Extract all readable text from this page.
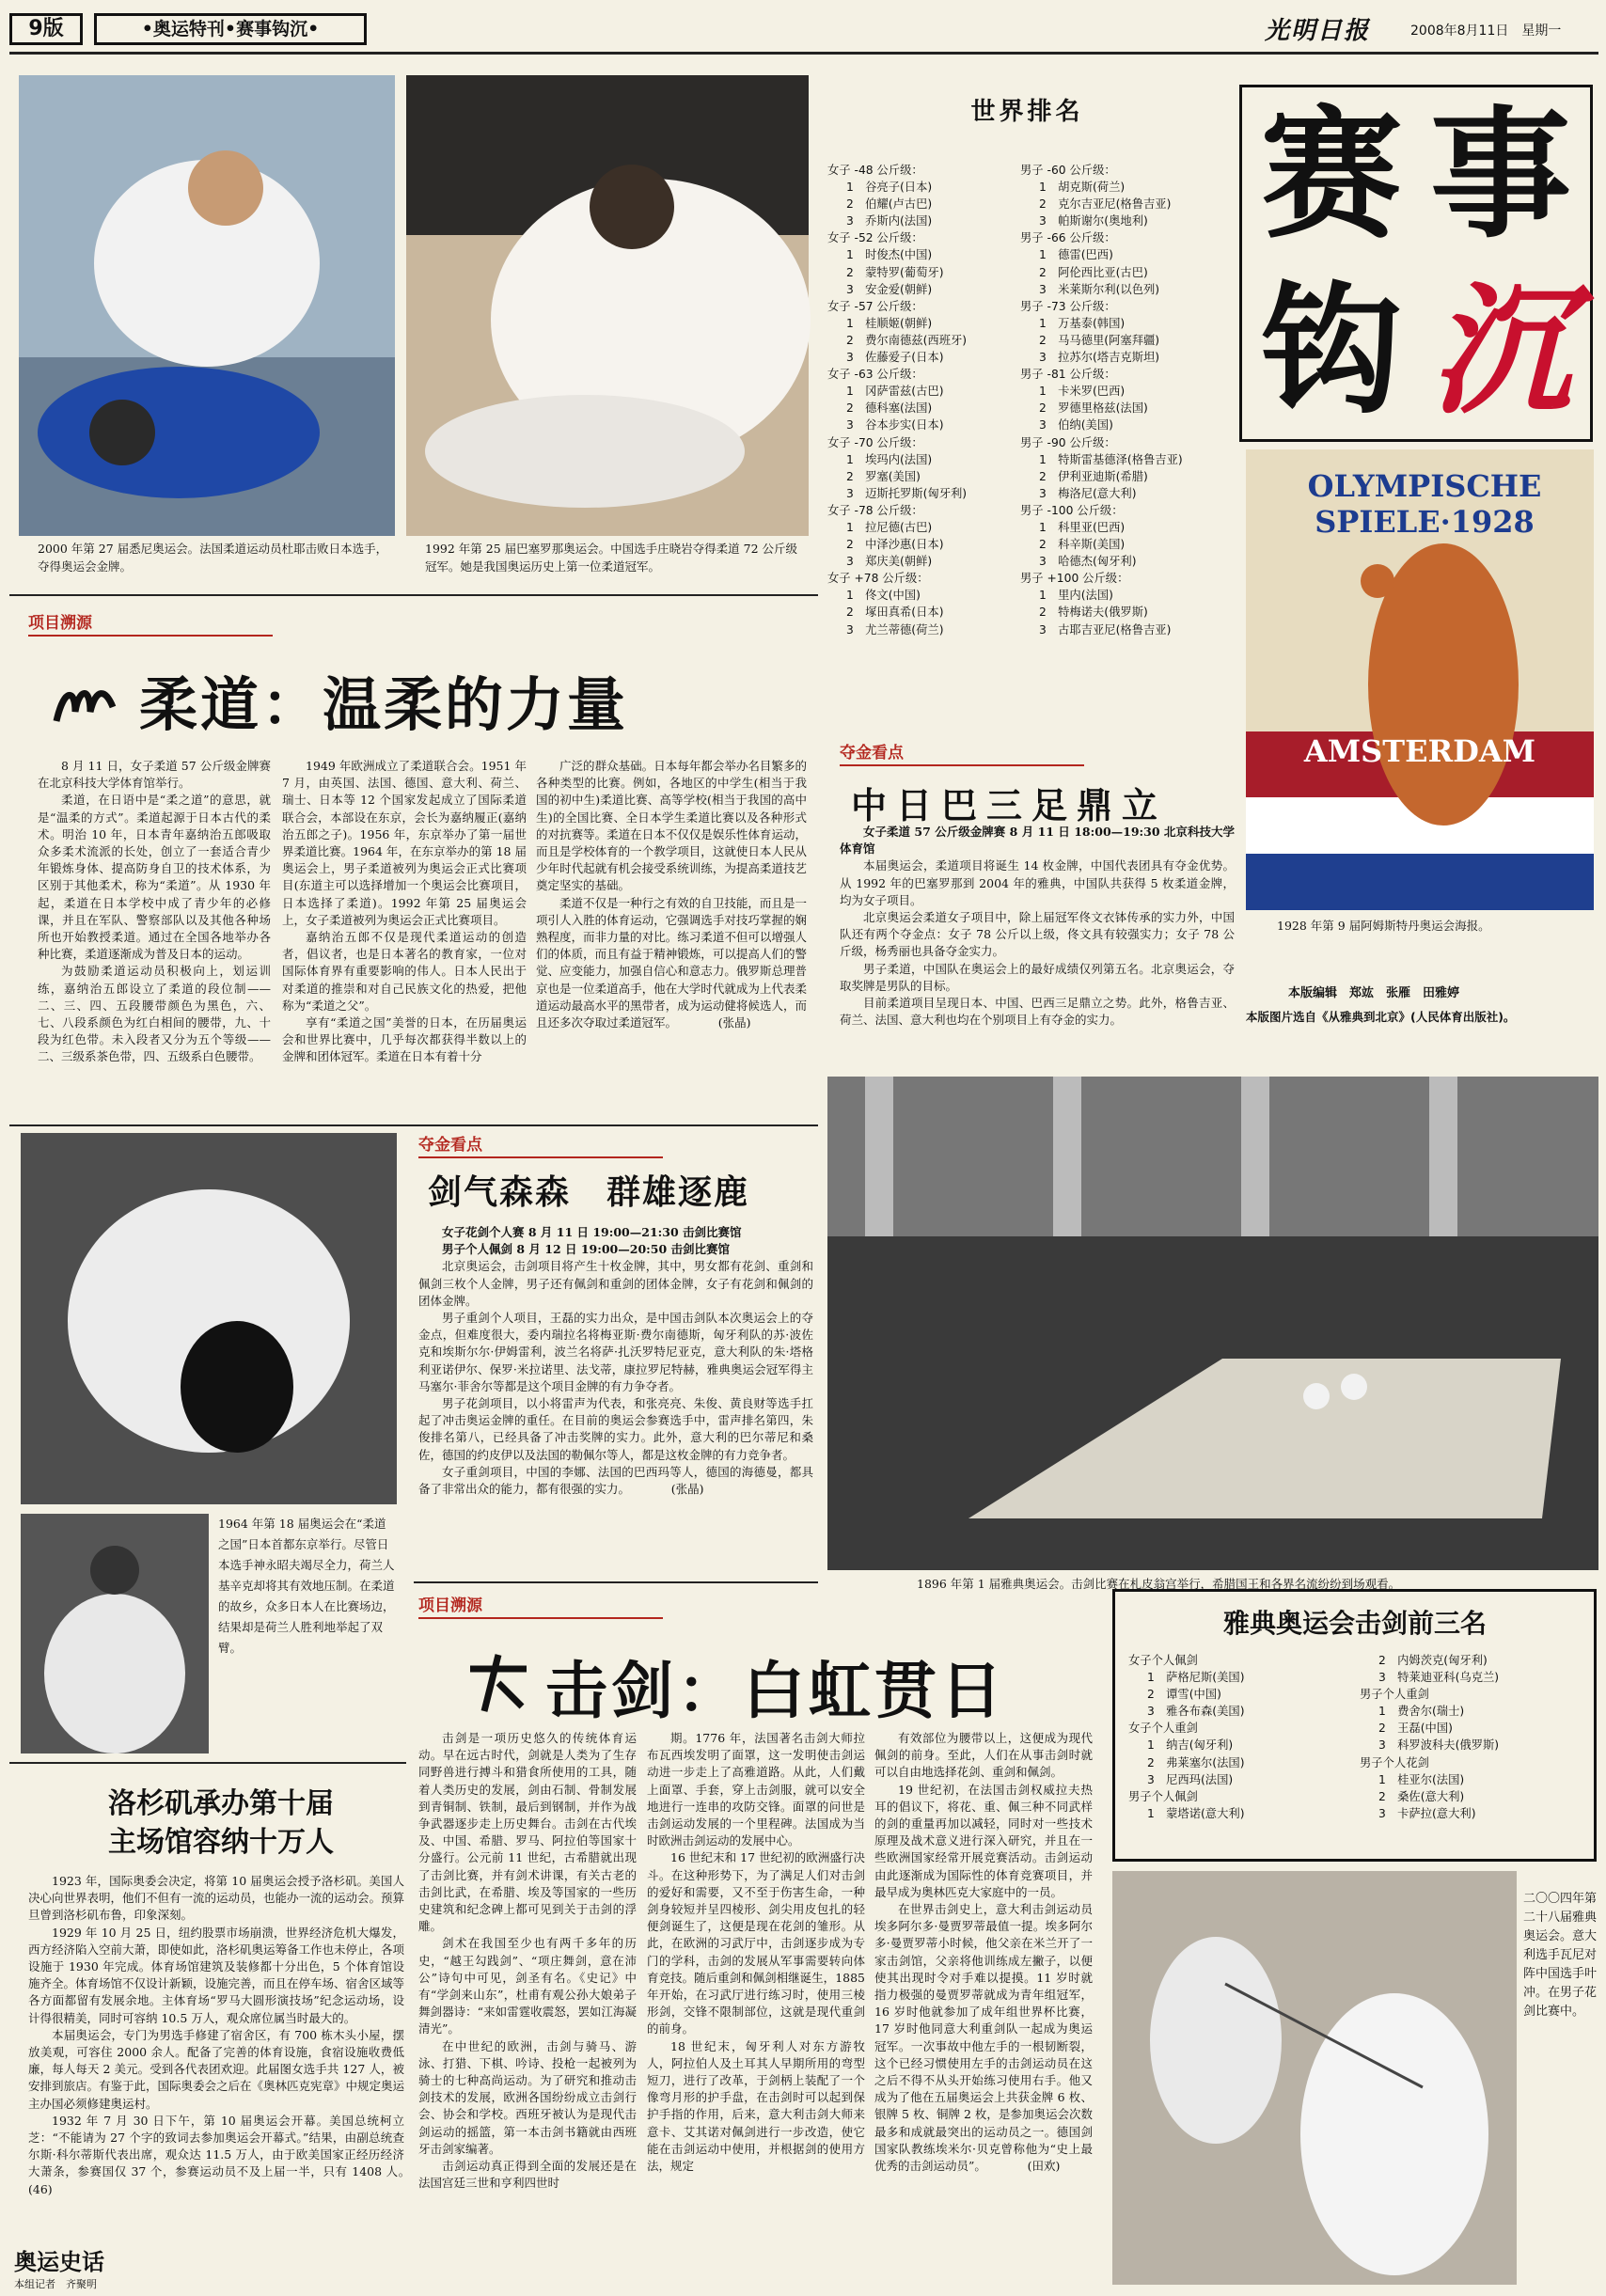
9版	•奥运特刊•赛事钩沉•	光明日报	2008年8月11日　星期一
2000 年第 27 届悉尼奥运会。法国柔道运动员杜耶击败日本选手，夺得奥运会金牌。
1992 年第 25 届巴塞罗那奥运会。中国选手庄晓岩夺得柔道 72 公斤级冠军。她是我国奥运历史上第一位柔道冠军。
世界排名
女子 -48 公斤级：
1　谷亮子(日本)
2　伯耀(卢古巴)
3　乔斯内(法国)
女子 -52 公斤级：
1　时俊杰(中国)
2　蒙特罗(葡萄牙)
3　安金爱(朝鲜)
女子 -57 公斤级：
1　桂顺姬(朝鲜)
2　费尔南德兹(西班牙)
3　佐藤爱子(日本)
女子 -63 公斤级：
1　冈萨雷兹(古巴)
2　德科塞(法国)
3　谷本步实(日本)
女子 -70 公斤级：
1　埃玛内(法国)
2　罗塞(美国)
3　迈斯托罗斯(匈牙利)
女子 -78 公斤级：
1　拉尼德(古巴)
2　中泽沙惠(日本)
3　郑庆美(朝鲜)
女子 +78 公斤级：
1　佟文(中国)
2　塚田真希(日本)
3　尤兰蒂德(荷兰)
男子 -60 公斤级：
1　胡克斯(荷兰)
2　克尔吉亚尼(格鲁吉亚)
3　帕斯谢尔(奥地利)
男子 -66 公斤级：
1　德雷(巴西)
2　阿伦西比亚(古巴)
3　米莱斯尔利(以色列)
男子 -73 公斤级：
1　万基泰(韩国)
2　马马德里(阿塞拜疆)
3　拉苏尔(塔吉克斯坦)
男子 -81 公斤级：
1　卡米罗(巴西)
2　罗德里格兹(法国)
3　伯纳(美国)
男子 -90 公斤级：
1　特斯雷基德泽(格鲁吉亚)
2　伊利亚迪斯(希腊)
3　梅洛尼(意大利)
男子 -100 公斤级：
1　科里亚(巴西)
2　科辛斯(美国)
3　哈德杰(匈牙利)
男子 +100 公斤级：
1　里内(法国)
2　特梅诺夫(俄罗斯)
3　古耶吉亚尼(格鲁吉亚)
赛 事
钩 沉
OLYMPISCHE SPIELE·1928
AMSTERDAM
1928 年第 9 届阿姆斯特丹奥运会海报。
本版编辑　郑竑　张雁　田雅婷
本版图片选自《从雅典到北京》(人民体育出版社)。
项目溯源
柔道：温柔的力量

8 月 11 日，女子柔道 57 公斤级金牌赛在北京科技大学体育馆举行。

柔道，在日语中是“柔之道”的意思，就是“温柔的方式”。柔道起源于日本古代的柔术。明治 10 年，日本青年嘉纳治五郎吸取众多柔术流派的长处，创立了一套适合青少年锻炼身体、提高防身自卫的技术体系，为区别于其他柔术，称为“柔道”。从 1930 年起，柔道在日本学校中成了青少年的必修课，并且在军队、警察部队以及其他各种场所也开始教授柔道。通过在全国各地举办各种比赛，柔道逐渐成为普及日本的运动。

为鼓励柔道运动员积极向上，划运训练，嘉纳治五郎设立了柔道的段位制——二、三、四、五段腰带颜色为黑色，六、七、八段系颜色为红白相间的腰带，九、十段为红色带。未入段者又分为五个等级——二、三级系茶色带，四、五级系白色腰带。

1949 年欧洲成立了柔道联合会。1951 年 7 月，由英国、法国、德国、意大利、荷兰、瑞士、日本等 12 个国家发起成立了国际柔道联合会，本部设在东京，会长为嘉纳履正(嘉纳治五郎之子)。1956 年，东京举办了第一届世界柔道比赛。1964 年，在东京举办的第 18 届奥运会上，男子柔道被列为奥运会正式比赛项目(东道主可以选择增加一个奥运会比赛项目，日本选择了柔道)。1992 年第 25 届奥运会上，女子柔道被列为奥运会正式比赛项目。

嘉纳治五郎不仅是现代柔道运动的创造者，倡议者，也是日本著名的教育家，一位对国际体育界有重要影响的伟人。日本人民出于对柔道的推崇和对自己民族文化的热爱，把他称为“柔道之父”。

享有“柔道之国”美誉的日本，在历届奥运会和世界比赛中，几乎每次都获得半数以上的金牌和团体冠军。柔道在日本有着十分

广泛的群众基础。日本每年都会举办名目繁多的各种类型的比赛。例如，各地区的中学生(相当于我国的初中生)柔道比赛、高等学校(相当于我国的高中生)的全国比赛、全日本学生柔道比赛以及各种形式的对抗赛等。柔道在日本不仅仅是娱乐性体育运动，而且是学校体育的一个教学项目，这就使日本人民从少年时代起就有机会接受系统训练，为提高柔道技艺奠定坚实的基础。

柔道不仅是一种行之有效的自卫技能，而且是一项引人入胜的体育运动，它强调选手对技巧掌握的娴熟程度，而非力量的对比。练习柔道不但可以增强人们的体质，而且有益于精神锻炼，可以提高人们的警觉、应变能力，加强自信心和意志力。俄罗斯总理普京也是一位柔道高手，他在大学时代就成为上代表柔道运动最高水平的黑带者，成为运动健将候选人，而且还多次夺取过柔道冠军。　　　　(张晶)

夺金看点
中日巴三足鼎立

女子柔道 57 公斤级金牌赛 8 月 11 日 18:00—19:30 北京科技大学体育馆

本届奥运会，柔道项目将诞生 14 枚金牌，中国代表团具有夺金优势。从 1992 年的巴塞罗那到 2004 年的雅典，中国队共获得 5 枚柔道金牌，均为女子项目。

北京奥运会柔道女子项目中，除上届冠军佟文衣钵传承的实力外，中国队还有两个夺金点：女子 78 公斤以上级，佟文具有较强实力；女子 78 公斤级，杨秀丽也具备夺金实力。

男子柔道，中国队在奥运会上的最好成绩仅列第五名。北京奥运会，夺取奖牌是男队的目标。

目前柔道项目呈现日本、中国、巴西三足鼎立之势。此外，格鲁吉亚、荷兰、法国、意大利也均在个别项目上有夺金的实力。

1964 年第 18 届奥运会在“柔道之国”日本首都东京举行。尽管日本选手神永昭夫竭尽全力，荷兰人基辛克却将其有效地压制。在柔道的故乡，众多日本人在比赛场边，结果却是荷兰人胜利地举起了双臂。
夺金看点
剑气森森　群雄逐鹿

女子花剑个人赛 8 月 11 日 19:00—21:30 击剑比赛馆

男子个人佩剑 8 月 12 日 19:00—20:50 击剑比赛馆

北京奥运会，击剑项目将产生十枚金牌，其中，男女都有花剑、重剑和佩剑三枚个人金牌，男子还有佩剑和重剑的团体金牌，女子有花剑和佩剑的团体金牌。

男子重剑个人项目，王磊的实力出众，是中国击剑队本次奥运会上的夺金点，但难度很大，委内瑞拉名将梅亚斯·费尔南德斯，匈牙利队的苏·波佐克和埃斯尔尔·伊姆雷利，波兰名将萨·扎沃罗特尼亚克，意大利队的朱·塔格利亚诺伊尔、保罗·米拉诺里、法戈蒂，康拉罗尼特赫，雅典奥运会冠军得主马塞尔·菲舍尔等都是这个项目金牌的有力争夺者。

男子花剑项目，以小将雷声为代表，和张亮亮、朱俊、黄良财等选手扛起了冲击奥运金牌的重任。在目前的奥运会参赛选手中，雷声排名第四，朱俊排名第八，已经具备了冲击奖牌的实力。此外，意大利的巴尔蒂尼和桑佐，德国的约皮伊以及法国的勒佩尔等人，都是这枚金牌的有力竞争者。

女子重剑项目，中国的李娜、法国的巴西玛等人，德国的海德曼，都具备了非常出众的能力，都有很强的实力。　　　　(张晶)

1896 年第 1 届雅典奥运会。击剑比赛在札皮翁宫举行，希腊国王和各界名流纷纷到场观看。
项目溯源
击剑：白虹贯日

击剑是一项历史悠久的传统体育运动。早在远古时代，剑就是人类为了生存同野兽进行搏斗和猎食所使用的工具，随着人类历史的发展，剑由石制、骨制发展到青铜制、铁制，最后到钢制，并作为战争武器逐步走上历史舞台。击剑在古代埃及、中国、希腊、罗马、阿拉伯等国家十分盛行。公元前 11 世纪，古希腊就出现了击剑比赛，并有剑术讲课，有关古老的击剑比武，在希腊、埃及等国家的一些历史建筑和纪念碑上都可见到关于击剑的浮雕。

剑术在我国至少也有两千多年的历史，“越王勾践剑”、“项庄舞剑，意在沛公”诗句中可见，剑圣有名。《史记》中有“学剑来山东”，杜甫有观公孙大娘弟子舞剑器诗：“来如雷霆收震怒，罢如江海凝清光”。

在中世纪的欧洲，击剑与骑马、游泳、打猎、下棋、吟诗、投枪一起被列为骑士的七种高尚运动。为了研究和推动击剑技术的发展，欧洲各国纷纷成立击剑行会、协会和学校。西班牙被认为是现代击剑运动的摇篮，第一本击剑书籍就由西班牙击剑家编著。

击剑运动真正得到全面的发展还是在法国宫廷三世和亨利四世时

期。1776 年，法国著名击剑大师拉布瓦西埃发明了面罩，这一发明使击剑运动进一步走上了高雅道路。从此，人们戴上面罩、手套，穿上击剑服，就可以安全地进行一连串的攻防交锋。面罩的问世是击剑运动发展的一个里程碑。法国成为当时欧洲击剑运动的发展中心。

16 世纪末和 17 世纪初的欧洲盛行决斗。在这种形势下，为了满足人们对击剑的爱好和需要，又不至于伤害生命，一种剑身较短并呈四棱形、剑尖用皮包扎的轻便剑诞生了，这便是现在花剑的雏形。从此，在欧洲的习武厅中，击剑逐步成为专门的学科，击剑的发展从军事需要转向体育竞技。随后重剑和佩剑相继诞生，1885 年开始，在习武厅进行练习时，使用三棱形剑，交锋不限制部位，这就是现代重剑的前身。

18 世纪末，匈牙利人对东方游牧人，阿拉伯人及土耳其人早期所用的弯型短刀，进行了改革，于剑柄上装配了一个像弯月形的护手盘，在击剑时可以起到保护手指的作用，后来，意大利击剑大师来意卡、艾其诺对佩剑进行一步改造，使它能在击剑运动中使用，并根据剑的使用方法，规定

有效部位为腰带以上，这便成为现代佩剑的前身。至此，人们在从事击剑时就可以自由地选择花剑、重剑和佩剑。

19 世纪初，在法国击剑权威拉夫热耳的倡议下，将花、重、佩三种不同武样的剑的重量再加以减轻，同时对一些技术原理及战术意义进行深入研究，并且在一些欧洲国家经常开展竞赛活动。击剑运动由此逐渐成为国际性的体育竞赛项目，并最早成为奥林匹克大家庭中的一员。

在世界击剑史上，意大利击剑运动员埃多阿尔多·曼贾罗蒂最值一提。埃多阿尔多·曼贾罗蒂小时候，他父亲在米兰开了一家击剑馆，父亲将他训练成左撇子，以便使其出现时令对手难以提摸。11 岁时就指力极强的曼贾罗蒂就成为青年组冠军，16 岁时他就参加了成年组世界杯比赛，17 岁时他同意大利重剑队一起成为奥运冠军。一次事故中他左手的一根韧断裂，这个已经习惯使用左手的击剑运动员在这之后不得不从头开始练习使用右手。他又成为了他在五届奥运会上共获金牌 6 枚、银牌 5 枚、铜牌 2 枚，是参加奥运会次数最多和成就最突出的运动员之一。德国剑国家队教练埃米尔·贝克曾称他为“史上最优秀的击剑运动员”。　　　　(田欢)

雅典奥运会击剑前三名
女子个人佩剑
1　萨格尼斯(美国)
2　谭雪(中国)
3　雅各布森(美国)
女子个人重剑
1　纳吉(匈牙利)
2　弗莱塞尔(法国)
3　尼西玛(法国)
男子个人佩剑
1　蒙塔诺(意大利)
2　内姆茨克(匈牙利)
3　特莱迪亚科(乌克兰)
男子个人重剑
1　费舍尔(瑞士)
2　王磊(中国)
3　科罗波科夫(俄罗斯)
男子个人花剑
1　桂亚尔(法国)
2　桑佐(意大利)
3　卡萨拉(意大利)
二〇〇四年第二十八届雅典奥运会。意大利选手瓦尼对阵中国选手叶冲。在男子花剑比赛中。
洛杉矶承办第十届
主场馆容纳十万人

1923 年，国际奥委会决定，将第 10 届奥运会授予洛杉矶。美国人决心向世界表明，他们不但有一流的运动员，也能办一流的运动会。预算旦曾到洛杉矶布鲁，印象深刻。

1929 年 10 月 25 日，纽约股票市场崩溃，世界经济危机大爆发，西方经济陷入空前大萧，即使如此，洛杉矶奥运筹备工作也未停止，各项设施于 1930 年完成。体育场馆建筑及装修都十分出色，5 个体育馆设施齐全。体育场馆不仅设计新颖，设施完善，而且在停车场、宿舍区域等各方面都留有发展余地。主体育场“罗马大圆形演技场”纪念运动场，设计得很精美，同时可容纳 10.5 万人，观众席位属当时最大的。

本届奥运会，专门为男选手修建了宿舍区，有 700 栋木头小屋，摆放美观，可容住 2000 余人。配备了完善的体育设施，食宿设施收费低廉，每人每天 2 美元。受到各代表团欢迎。此届图女选手共 127 人，被安排到旅店。有鉴于此，国际奥委会之后在《奥林匹克宪章》中规定奥运主办国必须修建奥运村。

1932 年 7 月 30 日下午，第 10 届奥运会开幕。美国总统柯立芝：“不能请为 27 个字的致词去参加奥运会开幕式。”结果，由副总统查尔斯·科尔蒂斯代表出席，观众达 11.5 万人，由于欧美国家正经历经济大萧条，参赛国仅 37 个，参赛运动员不及上届一半，只有 1408 人。　　　　(46)

奥运史话
本组记者　齐聚明
